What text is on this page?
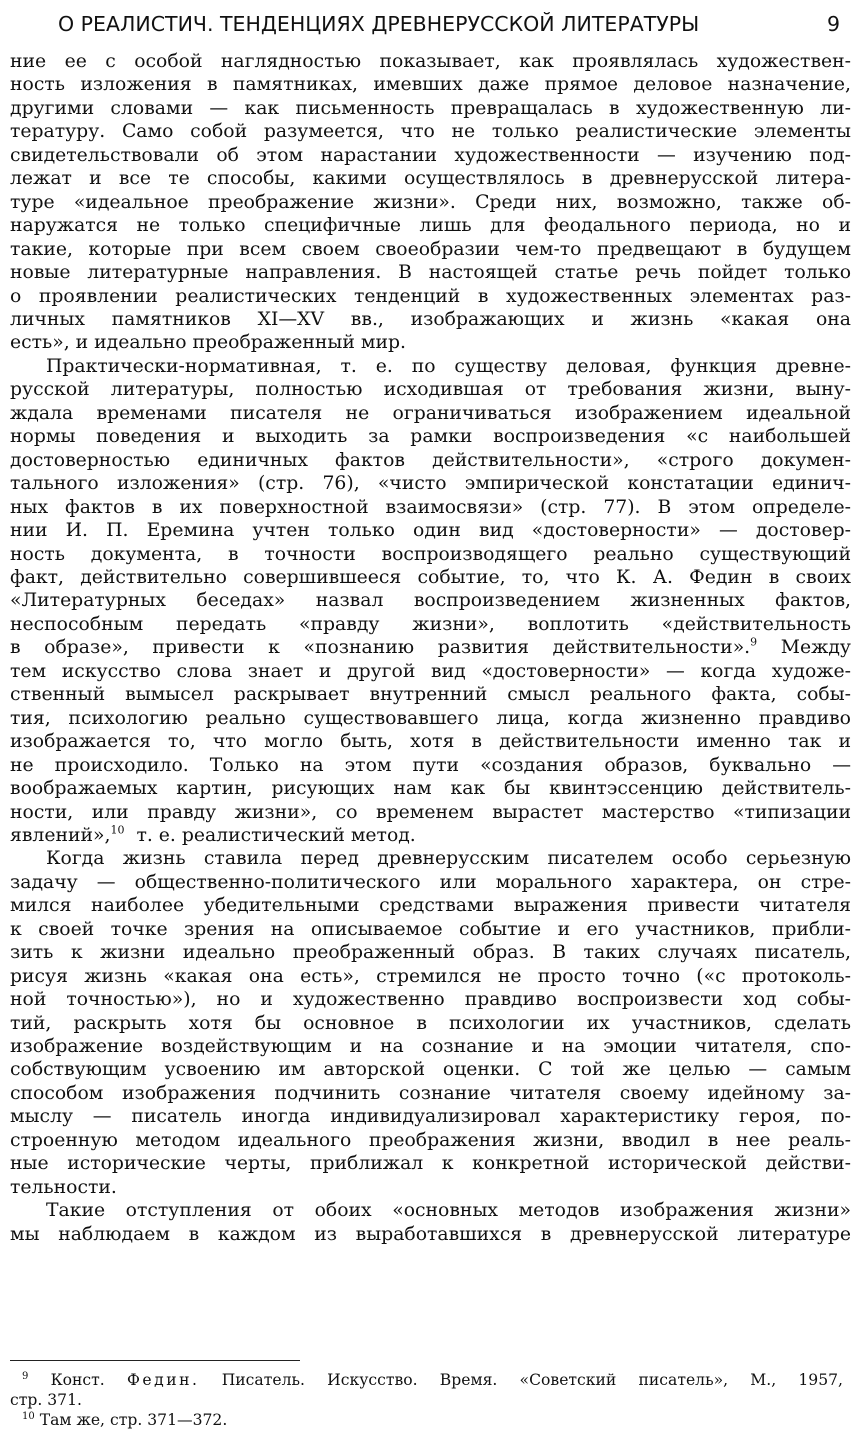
О РЕАЛИСТИЧ. ТЕНДЕНЦИЯХ ДРЕВНЕРУССКОЙ ЛИТЕРАТУРЫ	9

ние ее с особой наглядностью показывает, как проявлялась художествен-
ность изложения в памятниках, имевших даже прямое деловое назначение,
другими словами — как письменность превращалась в художественную ли-
тературу. Само собой разумеется, что не только реалистические элементы
свидетельствовали об этом нарастании художественности — изучению под-
лежат и все те способы, какими осуществлялось в древнерусской литера-
туре «идеальное преображение жизни». Среди них, возможно, также об-
наружатся не только специфичные лишь для феодального периода, но и
такие, которые при всем своем своеобразии чем-то предвещают в будущем
новые литературные направления. В настоящей статье речь пойдет только
о проявлении реалистических тенденций в художественных элементах раз-
личных памятников XI—XV вв., изображающих и жизнь «какая она
есть», и идеально преображенный мир.

Практически-нормативная, т. е. по существу деловая, функция древне-
русской литературы, полностью исходившая от требования жизни, выну-
ждала временами писателя не ограничиваться изображением идеальной
нормы поведения и выходить за рамки воспроизведения «с наибольшей
достоверностью единичных фактов действительности», «строго докумен-
тального изложения» (стр. 76), «чисто эмпирической констатации единич-
ных фактов в их поверхностной взаимосвязи» (стр. 77). В этом определе-
нии И. П. Еремина учтен только один вид «достоверности» — достовер-
ность документа, в точности воспроизводящего реально существующий
факт, действительно совершившееся событие, то, что К. А. Федин в своих
«Литературных беседах» назвал воспроизведением жизненных фактов,
неспособным передать «правду жизни», воплотить «действительность
в образе», привести к «познанию развития действительности».$^9$ Между
тем искусство слова знает и другой вид «достоверности» — когда художе-
ственный вымысел раскрывает внутренний смысл реального факта, собы-
тия, психологию реально существовавшего лица, когда жизненно правдиво
изображается то, что могло быть, хотя в действительности именно так и
не происходило. Только на этом пути «создания образов, буквально —
воображаемых картин, рисующих нам как бы квинтэссенцию действитель-
ности, или правду жизни», со временем вырастет мастерство «типизации
явлений»,$^{10}$ т. е. реалистический метод.

Когда жизнь ставила перед древнерусским писателем особо серьезную
задачу — общественно-политического или морального характера, он стре-
мился наиболее убедительными средствами выражения привести читателя
к своей точке зрения на описываемое событие и его участников, прибли-
зить к жизни идеально преображенный образ. В таких случаях писатель,
рисуя жизнь «какая она есть», стремился не просто точно («с протоколь-
ной точностью»), но и художественно правдиво воспроизвести ход собы-
тий, раскрыть хотя бы основное в психологии их участников, сделать
изображение воздействующим и на сознание и на эмоции читателя, спо-
собствующим усвоению им авторской оценки. С той же целью — самым
способом изображения подчинить сознание читателя своему идейному за-
мыслу — писатель иногда индивидуализировал характеристику героя, по-
строенную методом идеального преображения жизни, вводил в нее реаль-
ные исторические черты, приближал к конкретной исторической действи-
тельности.

Такие отступления от обоих «основных методов изображения жизни»
мы наблюдаем в каждом из выработавшихся в древнерусской литературе

$^9$ Конст. Федин. Писатель. Искусство. Время. «Советский писатель», М., 1957,
стр. 371.
$^{10}$ Там же, стр. 371—372.
